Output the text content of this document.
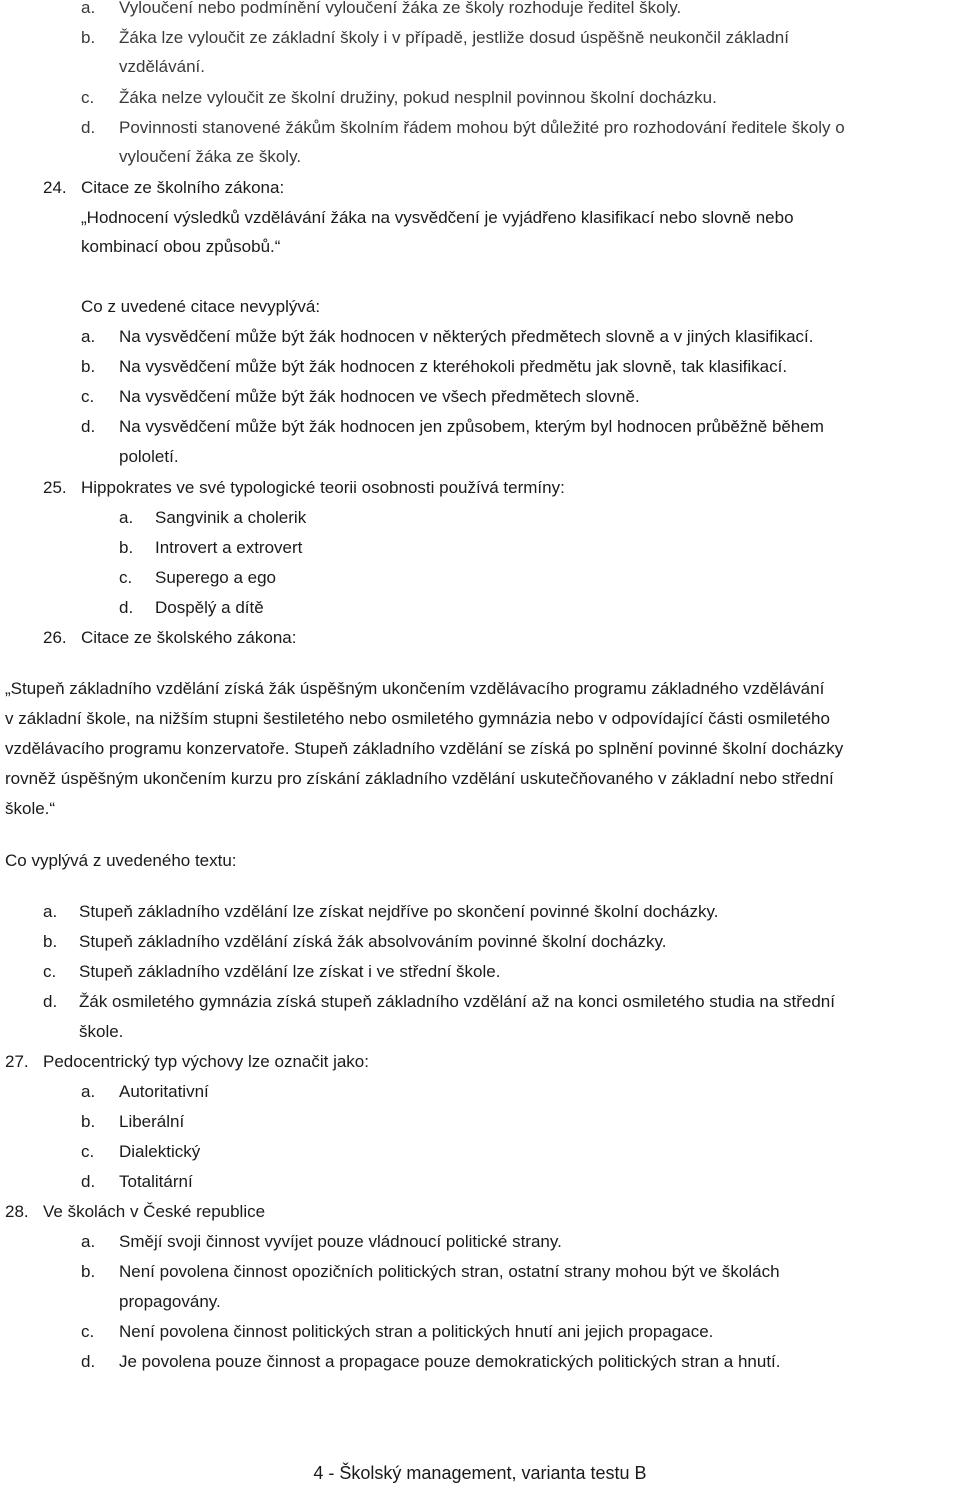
a. Vyloučení nebo podmínění vyloučení žáka ze školy rozhoduje ředitel školy.
b. Žáka lze vyloučit ze základní školy i v případě, jestliže dosud úspěšně neukončil základní
vzdělávání.
c. Žáka nelze vyloučit ze školní družiny, pokud nesplnil povinnou školní docházku.
d. Povinnosti stanovené žákům školním řádem mohou být důležité pro rozhodování ředitele školy o
vyloučení žáka ze školy.
24. Citace ze školního zákona:
„Hodnocení výsledků vzdělávání žáka na vysvědčení je vyjádřeno klasifikací nebo slovně nebo
kombinací obou způsobů.“
Co z uvedené citace nevyplývá:
a. Na vysvědčení může být žák hodnocen v některých předmětech slovně a v jiných klasifikací.
b. Na vysvědčení může být žák hodnocen z kteréhokoli předmětu jak slovně, tak klasifikací.
c. Na vysvědčení může být žák hodnocen ve všech předmětech slovně.
d. Na vysvědčení může být žák hodnocen jen způsobem, kterým byl hodnocen průběžně během
pololetí.
25. Hippokrates ve své typologické teorii osobnosti používá termíny:
a. Sangvinik a cholerik
b. Introvert a extrovert
c. Superego a ego
d. Dospělý a dítě
26. Citace ze školského zákona:
„Stupeň základního vzdělání získá žák úspěšným ukončením vzdělávacího programu základného vzdělávání
v základní škole, na nižším stupni šestiletého nebo osmiletého gymnázia nebo v odpovídající části osmiletého
vzdělávacího programu konzervatoře. Stupeň základního vzdělání se získá po splnění povinné školní docházky
rovněž úspěšným ukončením kurzu pro získání základního vzdělání uskutečňovaného v základní nebo střední
škole.“
Co vyplývá z uvedeného textu:
a. Stupeň základního vzdělání lze získat nejdříve po skončení povinné školní docházky.
b. Stupeň základního vzdělání získá žák absolvováním povinné školní docházky.
c. Stupeň základního vzdělání lze získat i ve střední škole.
d. Žák osmiletého gymnázia získá stupeň základního vzdělání až na konci osmiletého studia na střední
škole.
27. Pedocentrický typ výchovy lze označit jako:
a. Autoritativní
b. Liberální
c. Dialektický
d. Totalitární
28. Ve školách v České republice
a. Smějí svoji činnost vyvíjet pouze vládnoucí politické strany.
b. Není povolena činnost opozičních politických stran, ostatní strany mohou být ve školách
propagovány.
c. Není povolena činnost politických stran a politických hnutí ani jejich propagace.
d. Je povolena pouze činnost a propagace pouze demokratických politických stran a hnutí.
4 - Školský management, varianta testu B
